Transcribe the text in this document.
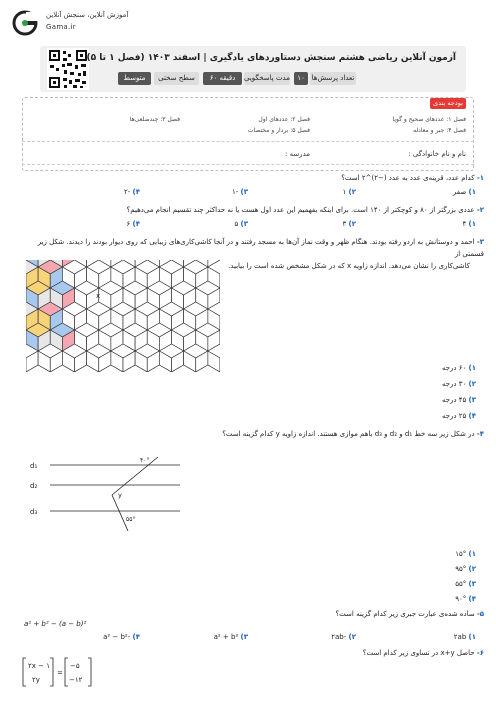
آموزش آنلاین، سنجش آنلاین
Gama.ir
آزمون آنلاین ریاضی هشتم سنجش دستاوردهای یادگیری | اسفند ۱۴۰۳ (فصل ۱ تا ۵)
تعداد پرسش‌ها
۱۰
مدت پاسخگویی
۶۰ دقیقه
سطح سختی
متوسط
بودجه بندی
فصل ۱: عددهای صحیح و گویا
فصل ۲: عددهای اول
فصل ۳: چندضلعی‌ها
فصل ۴: جبر و معادله
فصل ۵: بردار و مختصات
نام و نام خانوادگی :
مدرسه :
۱- کدام عدد، قرینه‌ی عدد به عدد (−۲)^۲ است؟
۱) صفر
۲) ۱
۳) -۱
۴) -۲
۲- عددی بزرگتر از ۸۰ و کوچکتر از ۱۴۰ است. برای اینکه بفهمیم این عدد اول هست یا نه حداکثر چند تقسیم انجام می‌دهیم؟
۱) ۴
۲) ۳
۳) ۵
۴) ۶
۳- احمد و دوستانش به اردو رفته بودند. هنگام ظهر و وقت نماز آن‌ها به مسجد رفتند و در آنجا کاشی‌کاری‌های زیبایی که روی دیوار بودند را دیدند. شکل زیر قسمتی از
کاشی‌کاری را نشان می‌دهد. اندازه زاویه x که در شکل مشخص شده است را بیابید.
x
۱) ۶۰ درجه
۲) ۳۰ درجه
۳) ۴۵ درجه
۴) ۲۵ درجه
۴- در شکل زیر سه خط d₁ و d₂ و d₃ باهم موازی هستند. اندازه زاویه y کدام گزینه است؟
d₁
d₂
d₃
۴۰°
۵۵°
y
۱) ۱۵°
۲) ۹۵°
۳) ۵۵°
۴) ۹۰°
۵- ساده شده‌ی عبارت جبری زیر کدام گزینه است؟
a² + b² − (a − b)²
۱) ۲ab
۲) -۲ab
۳) a² + b²
۴) -a² − b²
۶- حاصل x+y در تساوی زیر کدام است؟
۲x − ۱
۲y
=
−۵
−۱۲
